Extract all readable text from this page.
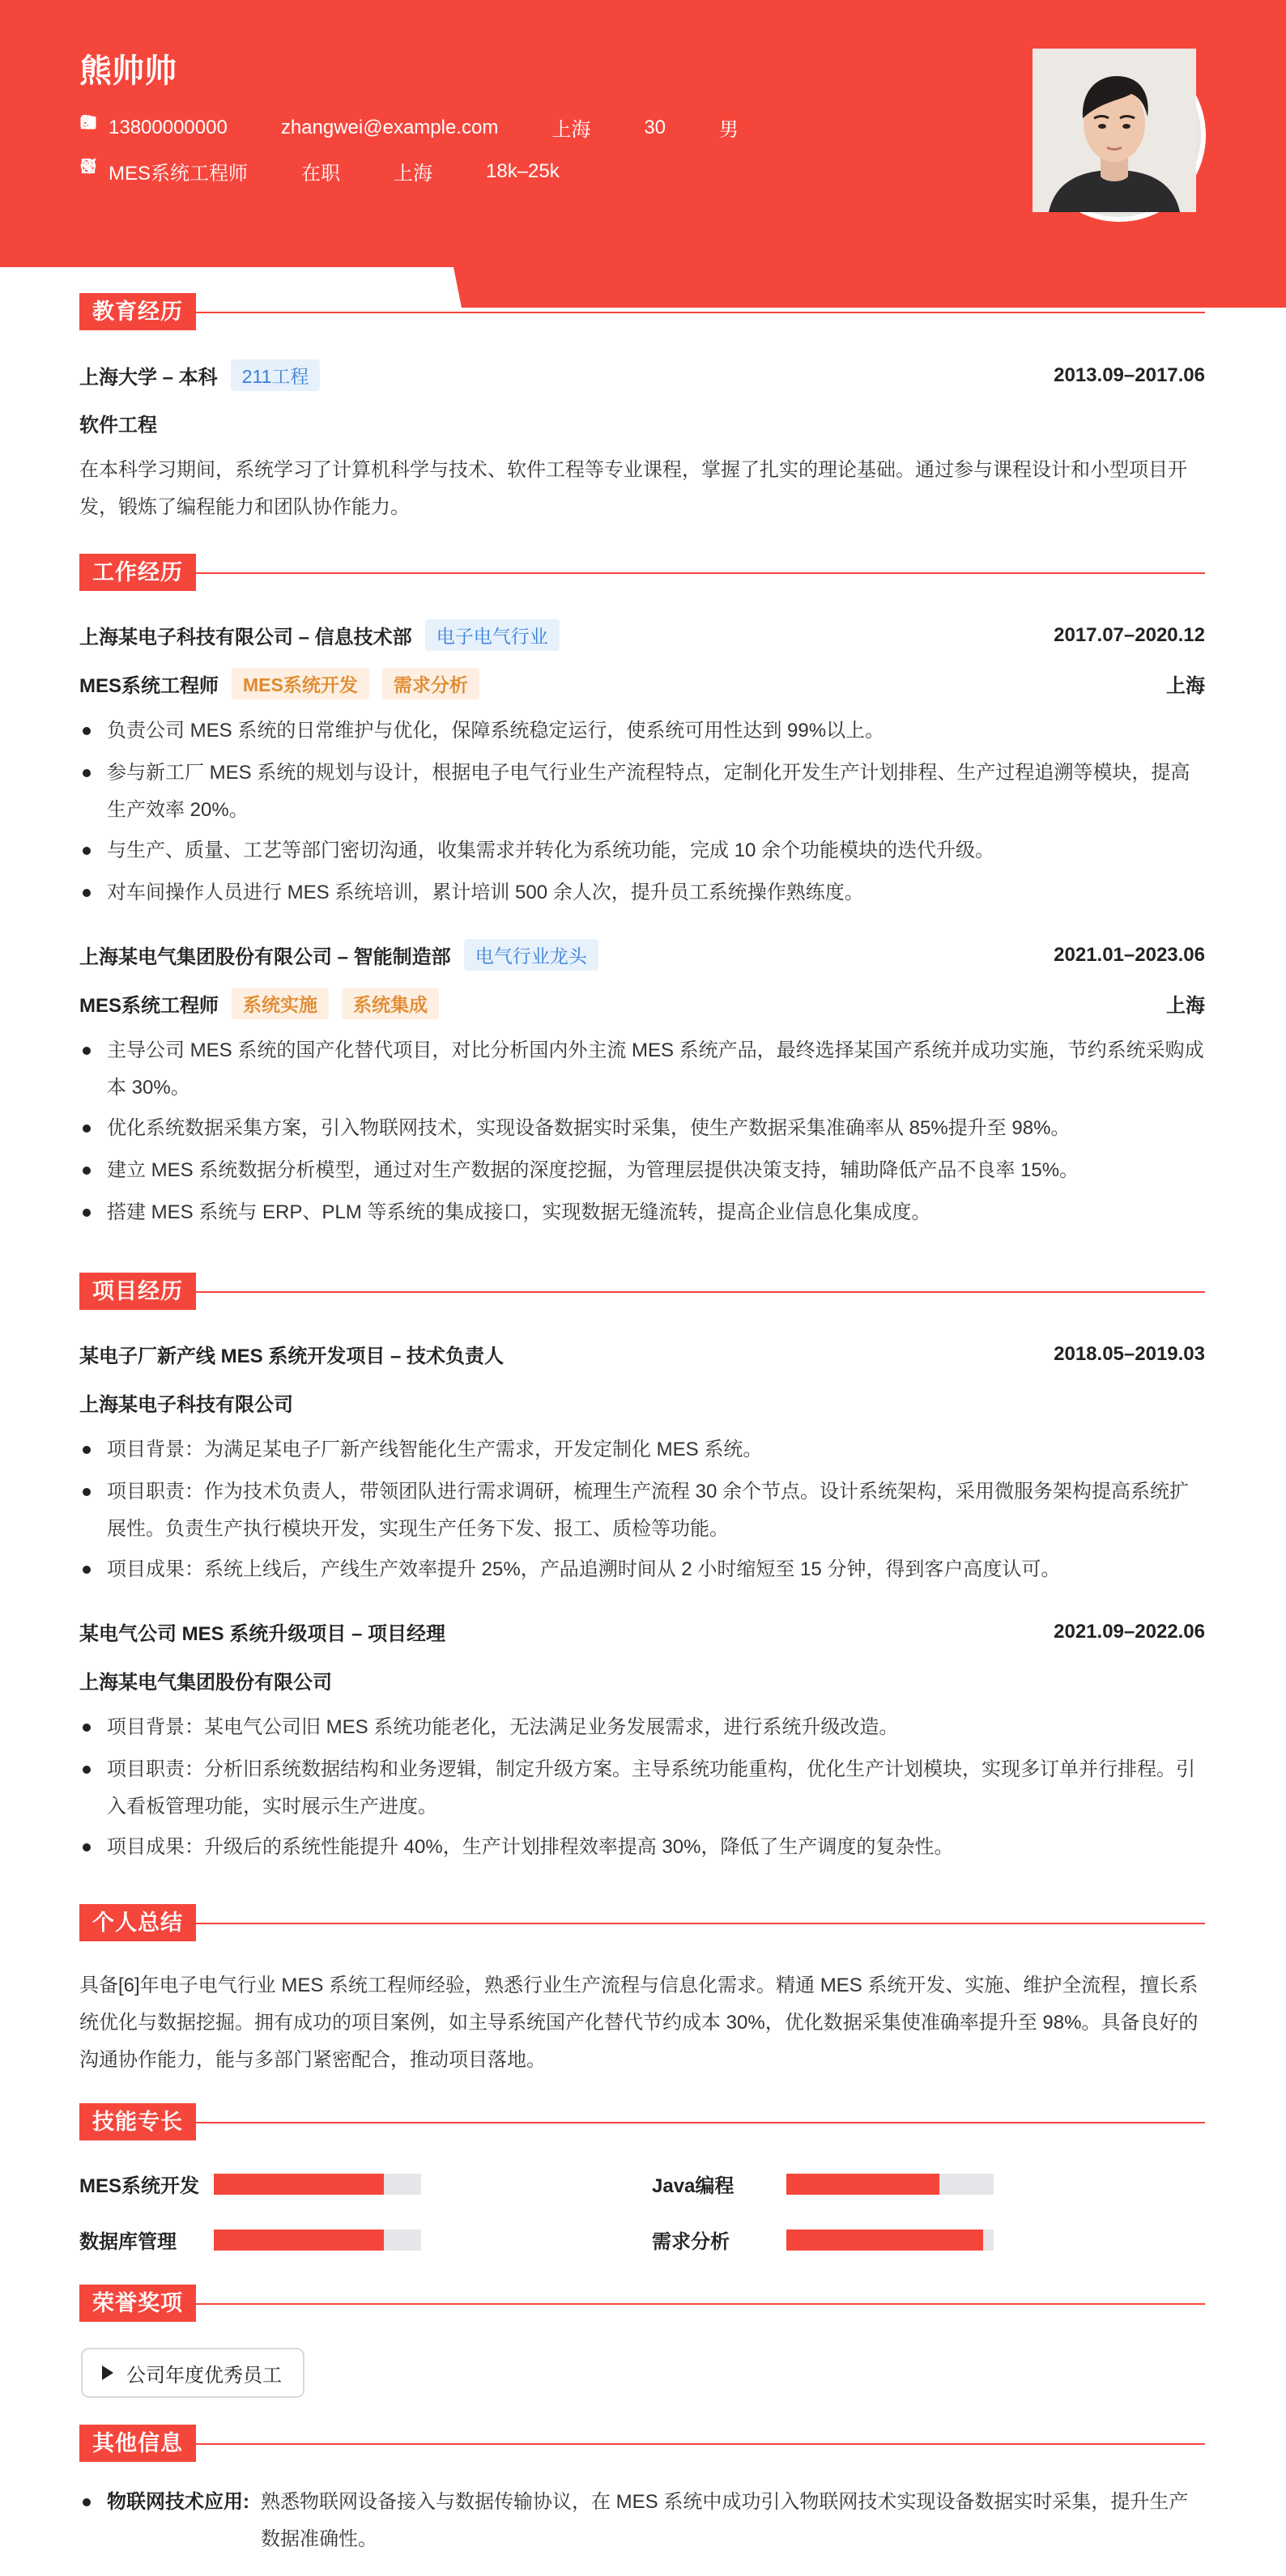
熊帅帅
13800000000	zhangwei@example.com	上海	30	男
MES系统工程师	在职	上海	18k–25k
教育经历
上海大学 – 本科	211工程	2013.09–2017.06
软件工程
在本科学习期间，系统学习了计算机科学与技术、软件工程等专业课程，掌握了扎实的理论基础。通过参与课程设计和小型项目开发，锻炼了编程能力和团队协作能力。
工作经历
上海某电子科技有限公司 – 信息技术部	电子电气行业	2017.07–2020.12
MES系统工程师	MES系统开发	需求分析	上海
负责公司 MES 系统的日常维护与优化，保障系统稳定运行，使系统可用性达到 99%以上。
参与新工厂 MES 系统的规划与设计，根据电子电气行业生产流程特点，定制化开发生产计划排程、生产过程追溯等模块，提高生产效率 20%。
与生产、质量、工艺等部门密切沟通，收集需求并转化为系统功能，完成 10 余个功能模块的迭代升级。
对车间操作人员进行 MES 系统培训，累计培训 500 余人次，提升员工系统操作熟练度。
上海某电气集团股份有限公司 – 智能制造部	电气行业龙头	2021.01–2023.06
MES系统工程师	系统实施	系统集成	上海
主导公司 MES 系统的国产化替代项目，对比分析国内外主流 MES 系统产品，最终选择某国产系统并成功实施，节约系统采购成本 30%。
优化系统数据采集方案，引入物联网技术，实现设备数据实时采集，使生产数据采集准确率从 85%提升至 98%。
建立 MES 系统数据分析模型，通过对生产数据的深度挖掘，为管理层提供决策支持，辅助降低产品不良率 15%。
搭建 MES 系统与 ERP、PLM 等系统的集成接口，实现数据无缝流转，提高企业信息化集成度。
项目经历
某电子厂新产线 MES 系统开发项目 – 技术负责人	2018.05–2019.03
上海某电子科技有限公司
项目背景：为满足某电子厂新产线智能化生产需求，开发定制化 MES 系统。
项目职责：作为技术负责人，带领团队进行需求调研，梳理生产流程 30 余个节点。设计系统架构，采用微服务架构提高系统扩展性。负责生产执行模块开发，实现生产任务下发、报工、质检等功能。
项目成果：系统上线后，产线生产效率提升 25%，产品追溯时间从 2 小时缩短至 15 分钟，得到客户高度认可。
某电气公司 MES 系统升级项目 – 项目经理	2021.09–2022.06
上海某电气集团股份有限公司
项目背景：某电气公司旧 MES 系统功能老化，无法满足业务发展需求，进行系统升级改造。
项目职责：分析旧系统数据结构和业务逻辑，制定升级方案。主导系统功能重构，优化生产计划模块，实现多订单并行排程。引入看板管理功能，实时展示生产进度。
项目成果：升级后的系统性能提升 40%，生产计划排程效率提高 30%，降低了生产调度的复杂性。
个人总结
具备[6]年电子电气行业 MES 系统工程师经验，熟悉行业生产流程与信息化需求。精通 MES 系统开发、实施、维护全流程，擅长系统优化与数据挖掘。拥有成功的项目案例，如主导系统国产化替代节约成本 30%，优化数据采集使准确率提升至 98%。具备良好的沟通协作能力，能与多部门紧密配合，推动项目落地。
技能专长
MES系统开发	Java编程
数据库管理	需求分析
荣誉奖项
公司年度优秀员工
其他信息
物联网技术应用: 熟悉物联网设备接入与数据传输协议，在 MES 系统中成功引入物联网技术实现设备数据实时采集，提升生产数据准确性。
